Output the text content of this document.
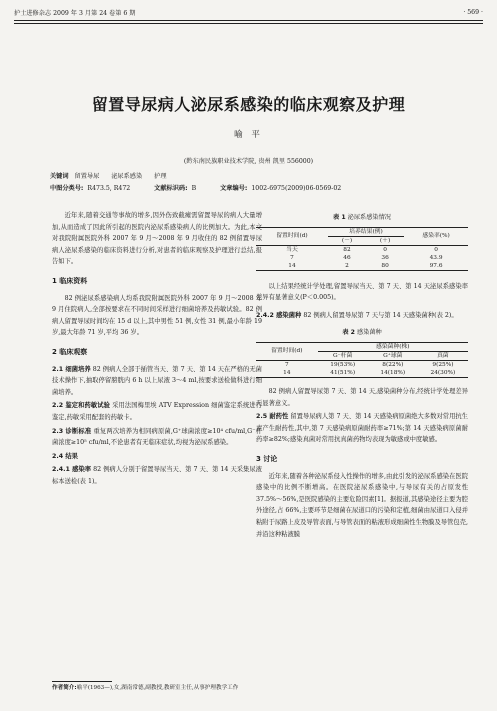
护士进修杂志 2009 年 3 月第 24 卷第 6 期	· 569 ·
留置导尿病人泌尿系感染的临床观察及护理
喻 平
(黔东南民族职业技术学院, 贵州 凯里 556000)
关键词 留置导尿 泌尿系感染 护理
中图分类号: R473.5, R472	文献标识码: B	文章编号: 1002-6975(2009)06-0569-02

近年来,随着交通等事故的增多,因外伤致截瘫需留置导尿的病人大量增加,从而造成了因此所引起的医院内泌尿系感染病人的比例加大。为此,本文对我院附属医院外科 2007 年 9 月～2008 年 9 月收住的 82 例留置导尿病人泌尿系感染的临床资料进行分析,对患者的临床观察及护理进行总结,报告如下。

1 临床资料

82 例泌尿系感染病人均系我院附属医院外科 2007 年 9 月～2008 年 9 月住院病人,全部按要求在不同时间采样进行细菌培养及药敏试验。82 例病人留置导尿时间均在 15 d 以上,其中男性 51 例,女性 31 例,最小年龄 19 岁,最大年龄 71 岁,平均 36 岁。

2 临床观察

2.1 细菌培养 82 例病人全部于插管当天、第 7 天、第 14 天在严格的无菌技术操作下,抽取停留膀胱内 6 h 以上尿液 3～4 ml,按要求送检做科进行细菌培养。

2.2 鉴定和药敏试验 采用法国梅里埃 ATV Expression 细菌鉴定系统进行鉴定,药敏采用配套的药敏卡。

2.3 诊断标准 重复两次培养为相同病原菌,G⁺球菌浓度≥10⁴ cfu/ml,G⁻杆菌浓度≥10⁵ cfu/ml,不论患者有无临床症状,均视为泌尿系感染。

2.4 结果

2.4.1 感染率 82 例病人分别于留置导尿当天、第 7 天、第 14 天采集尿液标本送检(表 1)。

作者简介:喻平(1963—),女,湖南常德,副教授,教研室主任,从事护理教学工作
表 1 泌尿系感染情况
留置时间(d)	培养结果(例)		感染率(%)
	(－)	(＋)	
当天	82	0	0
7	46	36	43.9
14	2	80	97.6

以上结果经统计学处理,留置导尿当天、第 7 天、第 14 天泌尿系感染率差异有显著意义(P＜0.005)。

2.4.2 感染菌种 82 例病人留置导尿第 7 天与第 14 天感染菌种(表 2)。

表 2 感染菌种
留置时间(d)	感染菌种(株)		
	G⁻杆菌	G⁺球菌	真菌
7	19(53%)	8(22%)	9(25%)
14	41(51%)	14(18%)	24(30%)

82 例病人留置导尿第 7 天、第 14 天,感染菌种分布,经统计学处理差异无显著意义。

2.5 耐药性 留置导尿病人第 7 天、第 14 天感染病原菌绝大多数对常用抗生素产生耐药性,其中,第 7 天感染病原菌耐药率≥71%;第 14 天感染病原菌耐药率≥82%;感染真菌对常用抗真菌药物均表现为敏感或中度敏感。

3 讨论

近年来,随着各种泌尿系侵入性操作的增多,由此引发的泌尿系感染在医院感染中的比例不断增高。在医院泌尿系感染中,与导尿有关的占原发性 37.5%～56%,是医院感染的主要危险因素[1]。据报道,其感染途径主要为腔外途径,占 66%,主要环节是细菌在尿道口的污染和定植,细菌由尿道口入侵并粘附于尿路上皮及导管表面,与导管表面的粘液形成细菌性生物膜及导管包壳,并沿这种粘液膜
